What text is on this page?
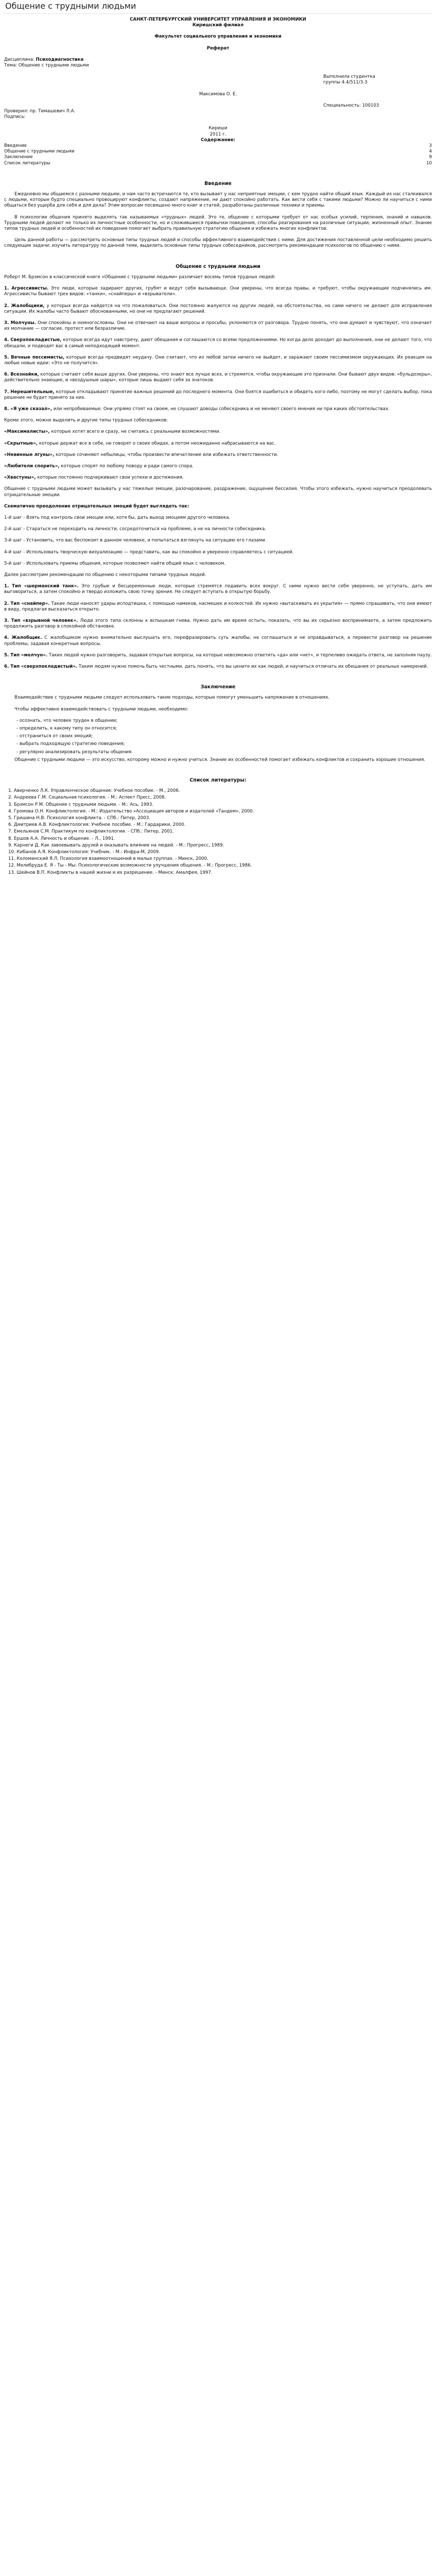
Общение с трудными людьми
САНКТ-ПЕТЕРБУРГСКИЙ УНИВЕРСИТЕТ УПРАВЛЕНИЯ И ЭКОНОМИКИ
Киришский филиал
Факультет социального управления и экономики
Реферат
Дисциплина: Психодиагностика
Тема: Общение с трудными людьми
Выполнила студентка
группы 4.4/511/3-3
Максимова О. Е.
Специальность: 100103
Проверил: пр. Тимашевич Л.А.
Подпись:
Кириши
2011 г.
Содержание:
Введение	3
Общение с трудными людьми	4
Заключение	9
Список литературы	10
Введение
Ежедневно мы общаемся с разными людьми, и нам часто встречаются те, кто вызывает у нас неприятные эмоции, с кем трудно найти общий язык. Каждый из нас сталкивался с людьми, которые будто специально провоцируют конфликты, создают напряжение, не дают спокойно работать. Как вести себя с такими людьми? Можно ли научиться с ними общаться без ущерба для себя и для дела? Этим вопросам посвящено много книг и статей, разработаны различные техники и приемы.
В психологии общения принято выделять так называемых «трудных» людей. Это те, общение с которыми требует от нас особых усилий, терпения, знаний и навыков. Трудными людей делают не только их личностные особенности, но и сложившиеся привычки поведения, способы реагирования на различные ситуации, жизненный опыт. Знание типов трудных людей и особенностей их поведения помогает выбрать правильную стратегию общения и избежать многих конфликтов.
Цель данной работы — рассмотреть основные типы трудных людей и способы эффективного взаимодействия с ними. Для достижения поставленной цели необходимо решить следующие задачи: изучить литературу по данной теме, выделить основные типы трудных собеседников, рассмотреть рекомендации психологов по общению с ними.
Общение с трудными людьми
Роберт М. Брэмсон в классической книге «Общение с трудными людьми» различает восемь типов трудных людей:
1. Агрессивисты. Это люди, которые задирают других, грубят и ведут себя вызывающе. Они уверены, что всегда правы, и требуют, чтобы окружающие подчинялись им. Агрессивисты бывают трех видов: «танки», «снайперы» и «взрыватели».
2. Жалобщики, у которых всегда найдется на что пожаловаться. Они постоянно жалуются на других людей, на обстоятельства, но сами ничего не делают для исправления ситуации. Их жалобы часто бывают обоснованными, но они не предлагают решений.
3. Молчуны. Они спокойны и немногословны. Они не отвечают на ваши вопросы и просьбы, уклоняются от разговора. Трудно понять, что они думают и чувствуют, что означает их молчание — согласие, протест или безразличие.
4. Сверхпокладистые, которые всегда идут навстречу, дают обещания и соглашаются со всеми предложениями. Но когда дело доходит до выполнения, они не делают того, что обещали, и подводят вас в самый неподходящий момент.
5. Вечные пессимисты, которые всегда предвидят неудачу. Они считают, что из любой затеи ничего не выйдет, и заражают своим пессимизмом окружающих. Их реакция на любые новые идеи: «Это не получится».
6. Всезнайки, которые считают себя выше других. Они уверены, что знают все лучше всех, и стремятся, чтобы окружающие это признали. Они бывают двух видов: «бульдозеры», действительно знающие, и «воздушные шары», которые лишь выдают себя за знатоков.
7. Нерешительные, которые откладывают принятие важных решений до последнего момента. Они боятся ошибиться и обидеть кого-либо, поэтому не могут сделать выбор, пока решение не будет принято за них.
8. «Я уже сказал», или непробиваемые. Они упрямо стоят на своем, не слушают доводы собеседника и не меняют своего мнения ни при каких обстоятельствах.
Кроме этого, можно выделить и другие типы трудных собеседников:
«Максималисты», которые хотят всего и сразу, не считаясь с реальными возможностями.
«Скрытные», которые держат все в себе, не говорят о своих обидах, а потом неожиданно набрасываются на вас.
«Невинные лгуны», которые сочиняют небылицы, чтобы произвести впечатление или избежать ответственности.
«Любители спорить», которые спорят по любому поводу и ради самого спора.
«Хвастуны», которые постоянно подчеркивают свои успехи и достижения.
Общение с трудными людьми может вызывать у нас тяжелые эмоции, разочарование, раздражение, ощущение бессилия. Чтобы этого избежать, нужно научиться преодолевать отрицательные эмоции.
Схематично преодоление отрицательных эмоций будет выглядеть так:
1-й шаг - Взять под контроль свои эмоции или, хотя бы, дать выход эмоциям другого человека.
2-й шаг - Стараться не переходить на личности, сосредоточиться на проблеме, а не на личности собеседника.
3-й шаг - Установить, что вас беспокоит в данном человеке, и попытаться взглянуть на ситуацию его глазами.
4-й шаг - Использовать творческую визуализацию — представить, как вы спокойно и уверенно справляетесь с ситуацией.
5-й шаг - Использовать приемы общения, которые позволяют найти общий язык с человеком.
Далее рассмотрим рекомендации по общению с некоторыми типами трудных людей.
1. Тип «шерманский танк». Это грубые и бесцеремонные люди, которые стремятся подавить всех вокруг. С ними нужно вести себя уверенно, не уступать, дать им выговориться, а затем спокойно и твердо изложить свою точку зрения. Не следует вступать в открытую борьбу.
2. Тип «снайпер». Такие люди наносят удары исподтишка, с помощью намеков, насмешек и колкостей. Их нужно «вытаскивать из укрытия» — прямо спрашивать, что они имеют в виду, предлагая высказаться открыто.
3. Тип «взрывной человек». Люди этого типа склонны к вспышкам гнева. Нужно дать им время остыть, показать, что вы их серьезно воспринимаете, а затем предложить продолжить разговор в спокойной обстановке.
4. Жалобщик. С жалобщиком нужно внимательно выслушать его, перефразировать суть жалобы, не соглашаться и не оправдываться, а перевести разговор на решение проблемы, задавая конкретные вопросы.
5. Тип «молчун». Таких людей нужно разговорить, задавая открытые вопросы, на которые невозможно ответить «да» или «нет», и терпеливо ожидать ответа, не заполняя паузу.
6. Тип «сверхпокладистый». Таким людям нужно помочь быть честными, дать понять, что вы цените их как людей, и научиться отличать их обещания от реальных намерений.
Заключение
Взаимодействие с трудными людьми следует использовать такие подходы, которые помогут уменьшить напряжение в отношениях.
Чтобы эффективно взаимодействовать с трудными людьми, необходимо:
- осознать, что человек труден в общении;
- определить, к какому типу он относится;
- отстраниться от своих эмоций;
- выбрать подходящую стратегию поведения;
- регулярно анализировать результаты общения.
Общение с трудными людьми — это искусство, которому можно и нужно учиться. Знание их особенностей помогает избежать конфликтов и сохранить хорошие отношения.
Список литературы:
1. Аверченко Л.К. Управленческое общение: Учебное пособие. - М., 2006.
2. Андреева Г.М. Социальная психология. - М.: Аспект Пресс, 2008.
3. Брэмсон Р.М. Общение с трудными людьми. - М.: Ась, 1993.
4. Громова О.Н. Конфликтология. - М.: Издательство «Ассоциация авторов и издателей «Тандем», 2000.
5. Гришина Н.В. Психология конфликта. - СПб.: Питер, 2003.
6. Дмитриев А.В. Конфликтология: Учебное пособие. - М.: Гардарики, 2000.
7. Емельянов С.М. Практикум по конфликтологии. - СПб.: Питер, 2001.
8. Ершов А.А. Личность и общение. - Л., 1991.
9. Карнеги Д. Как завоевывать друзей и оказывать влияние на людей. - М.: Прогресс, 1989.
10. Кибанов А.Я. Конфликтология: Учебник. - М.: Инфра-М, 2009.
11. Коломинский Я.Л. Психология взаимоотношений в малых группах. - Минск, 2000.
12. Мелибруда Е. Я - Ты - Мы: Психологические возможности улучшения общения. - М.: Прогресс, 1986.
13. Шейнов В.П. Конфликты в нашей жизни и их разрешение. - Минск: Амалфея, 1997.
